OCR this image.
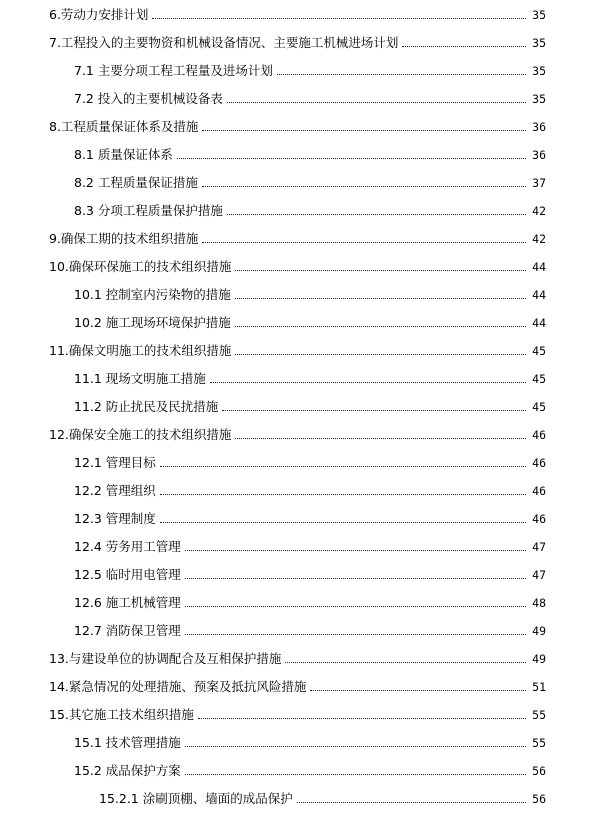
6.劳动力安排计划	35
7.工程投入的主要物资和机械设备情况、主要施工机械进场计划	35
7.1 主要分项工程工程量及进场计划	35
7.2 投入的主要机械设备表	35
8.工程质量保证体系及措施	36
8.1 质量保证体系	36
8.2 工程质量保证措施	37
8.3 分项工程质量保护措施	42
9.确保工期的技术组织措施	42
10.确保环保施工的技术组织措施	44
10.1 控制室内污染物的措施	44
10.2 施工现场环境保护措施	44
11.确保文明施工的技术组织措施	45
11.1 现场文明施工措施	45
11.2 防止扰民及民扰措施	45
12.确保安全施工的技术组织措施	46
12.1 管理目标	46
12.2 管理组织	46
12.3 管理制度	46
12.4 劳务用工管理	47
12.5 临时用电管理	47
12.6 施工机械管理	48
12.7 消防保卫管理	49
13.与建设单位的协调配合及互相保护措施	49
14.紧急情况的处理措施、预案及抵抗风险措施	51
15.其它施工技术组织措施	55
15.1 技术管理措施	55
15.2 成品保护方案	56
15.2.1 涂刷顶棚、墙面的成品保护	56
